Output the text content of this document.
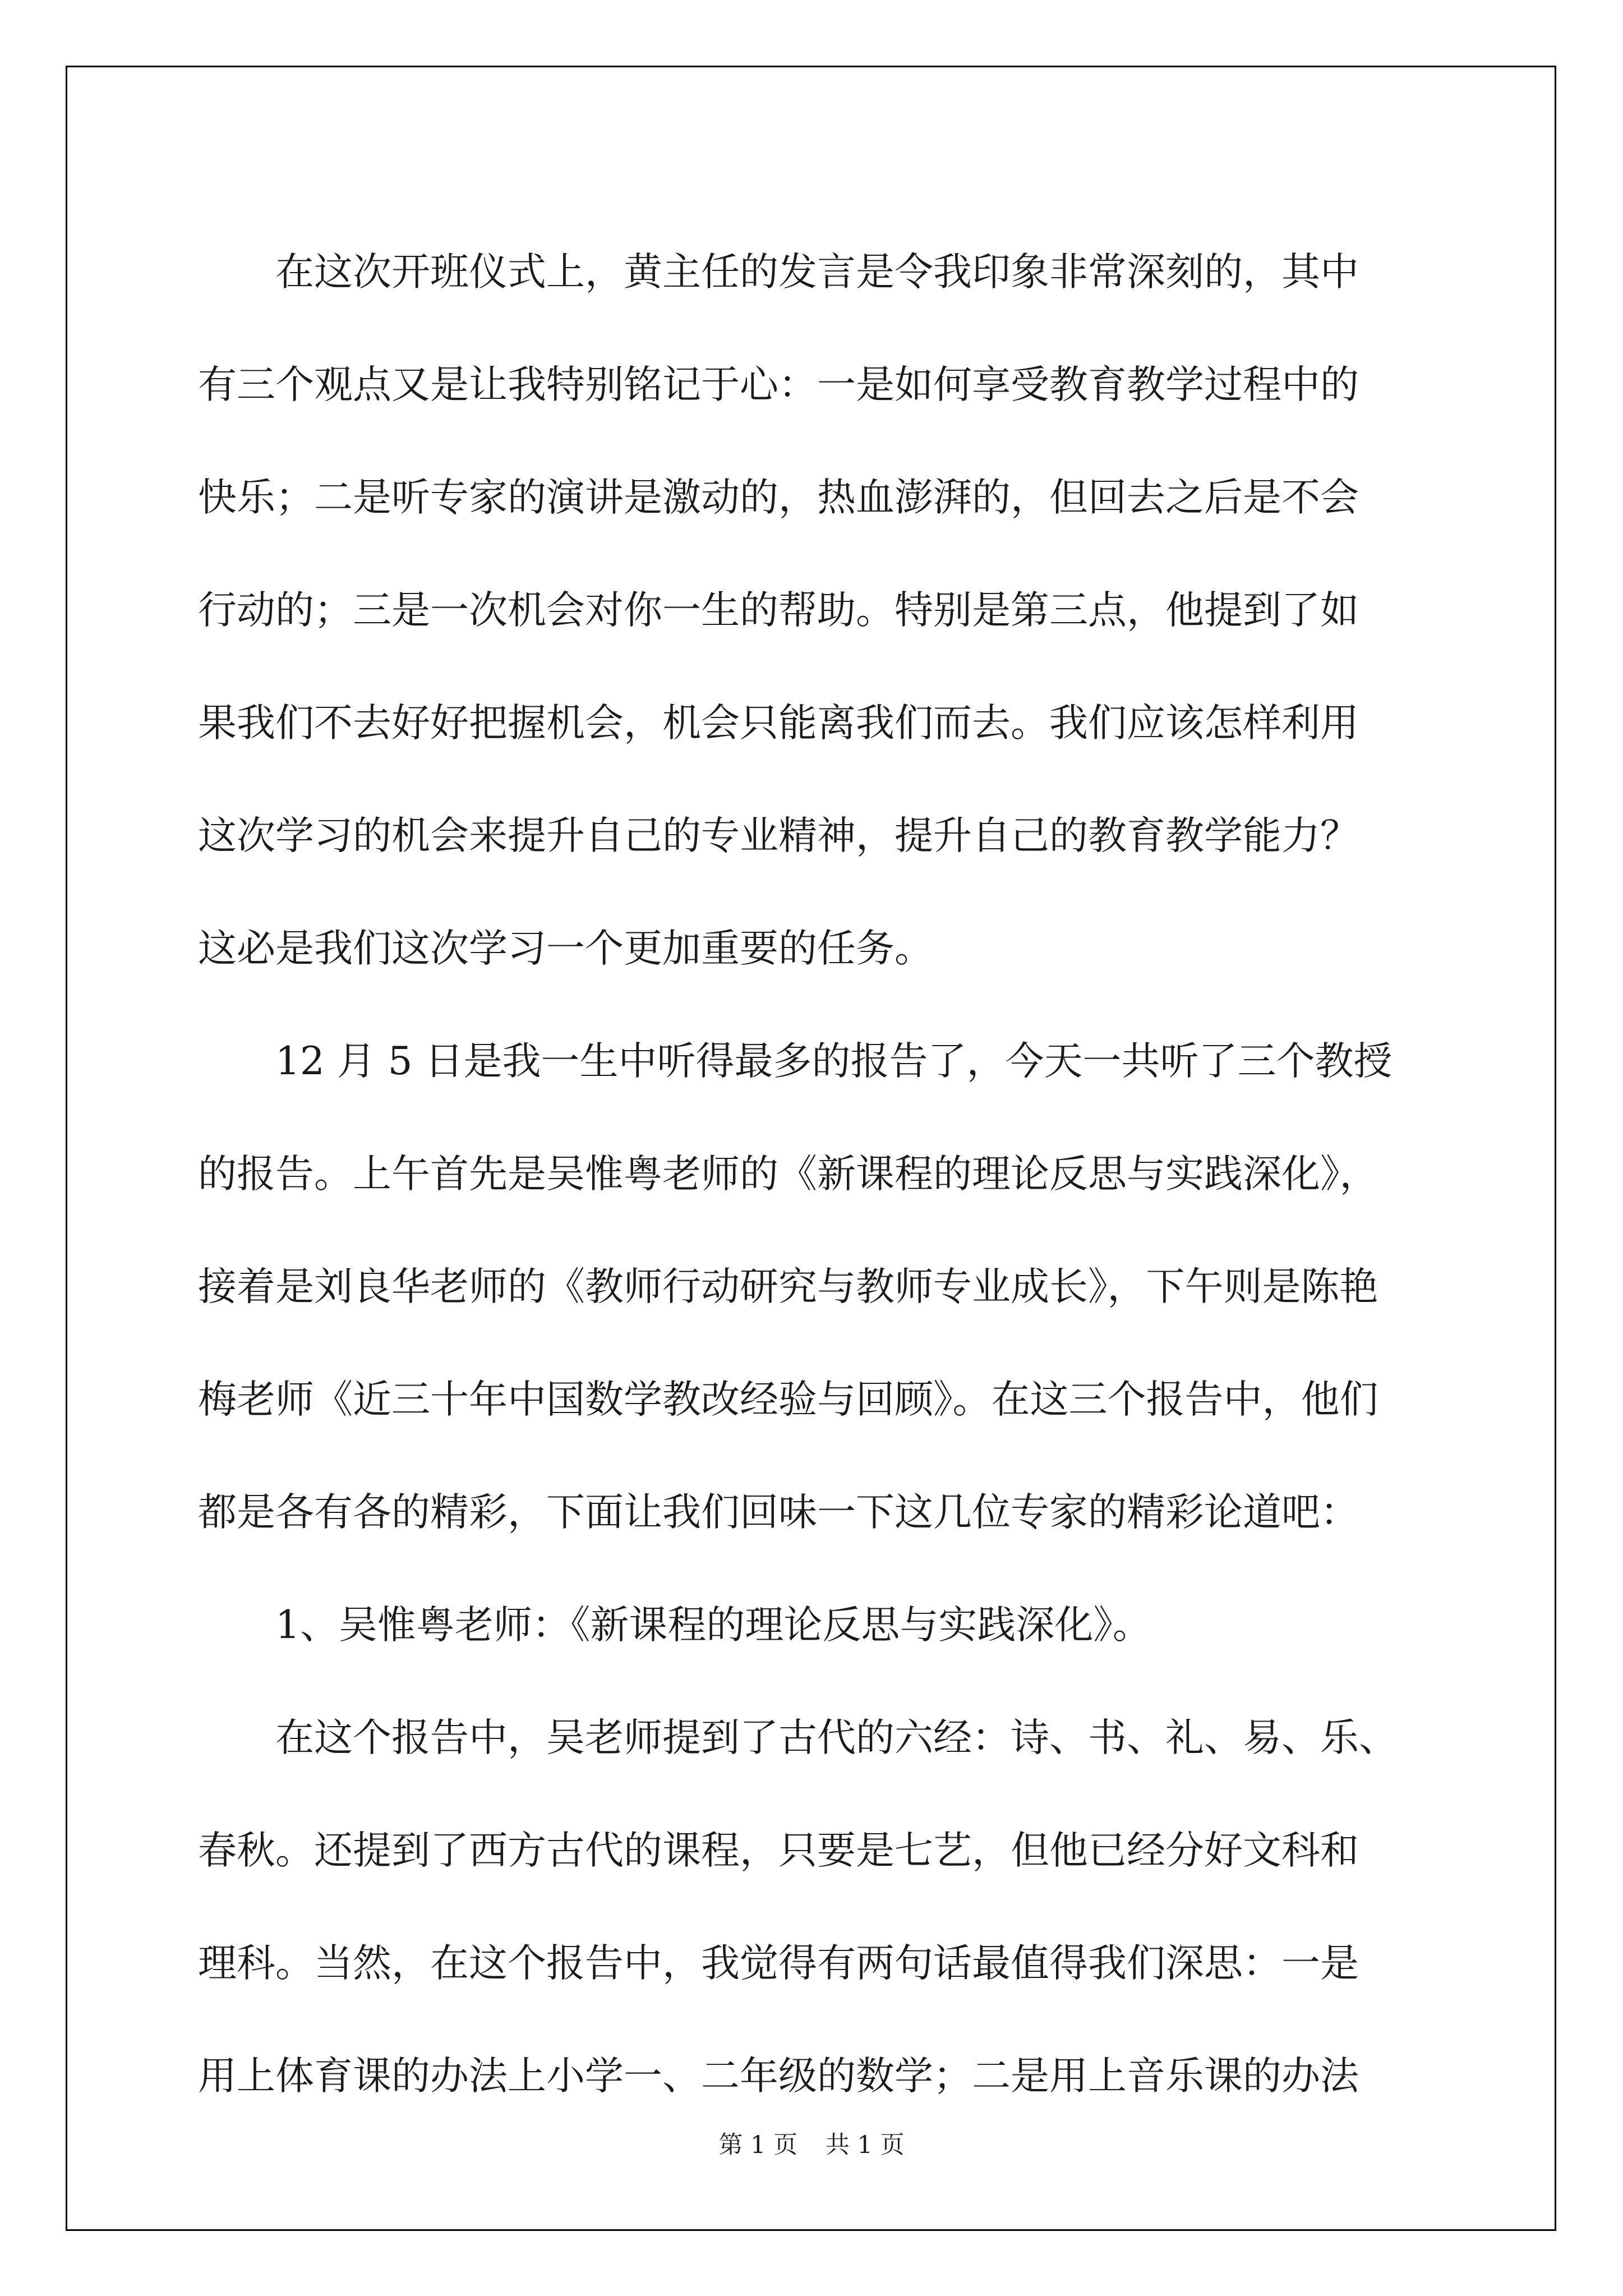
在这次开班仪式上，黄主任的发言是令我印象非常深刻的，其中
有三个观点又是让我特别铭记于心：一是如何享受教育教学过程中的
快乐；二是听专家的演讲是激动的，热血澎湃的，但回去之后是不会
行动的；三是一次机会对你一生的帮助。特别是第三点，他提到了如
果我们不去好好把握机会，机会只能离我们而去。我们应该怎样利用
这次学习的机会来提升自己的专业精神，提升自己的教育教学能力？
这必是我们这次学习一个更加重要的任务。
12 月 5 日是我一生中听得最多的报告了，今天一共听了三个教授
的报告。上午首先是吴惟粤老师的《新课程的理论反思与实践深化》，
接着是刘良华老师的《教师行动研究与教师专业成长》，下午则是陈艳
梅老师《近三十年中国数学教改经验与回顾》。在这三个报告中，他们
都是各有各的精彩，下面让我们回味一下这几位专家的精彩论道吧：
1、吴惟粤老师：《新课程的理论反思与实践深化》。
在这个报告中，吴老师提到了古代的六经：诗、书、礼、易、乐、
春秋。还提到了西方古代的课程，只要是七艺，但他已经分好文科和
理科。当然，在这个报告中，我觉得有两句话最值得我们深思：一是
用上体育课的办法上小学一、二年级的数学；二是用上音乐课的办法
第 1 页 共 1 页
